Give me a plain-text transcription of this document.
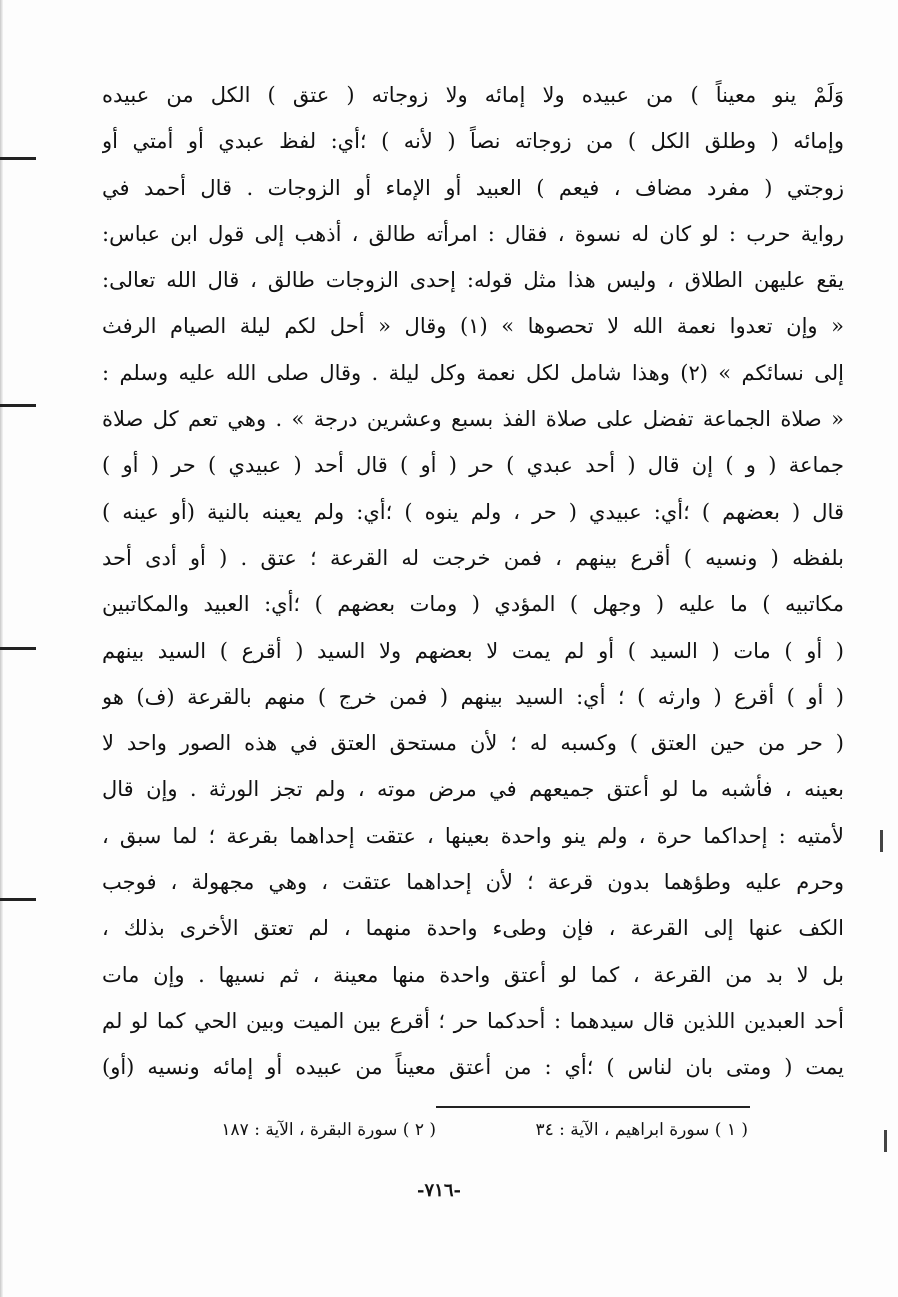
وَلَمْ ينو معيناً ) من عبيده ولا إمائه ولا زوجاته ( عتق ) الكل من عبيده
وإمائه ( وطلق الكل ) من زوجاته نصاً ( لأنه ) ؛أي: لفظ عبدي أو أمتي أو
زوجتي ( مفرد مضاف ، فيعم ) العبيد أو الإماء أو الزوجات . قال أحمد في
رواية حرب : لو كان له نسوة ، فقال : امرأته طالق ، أذهب إلى قول ابن عباس:
يقع عليهن الطلاق ، وليس هذا مثل قوله: إحدى الزوجات طالق ، قال الله تعالى:
« وإن تعدوا نعمة الله لا تحصوها » (١) وقال « أحل لكم ليلة الصيام الرفث
إلى نسائكم » (٢) وهذا شامل لكل نعمة وكل ليلة . وقال صلى الله عليه وسلم :
« صلاة الجماعة تفضل على صلاة الفذ بسبع وعشرين درجة » . وهي تعم كل صلاة
جماعة ( و ) إن قال ( أحد عبدي ) حر ( أو ) قال أحد ( عبيدي ) حر ( أو )
قال ( بعضهم ) ؛أي: عبيدي ( حر ، ولم ينوه ) ؛أي: ولم يعينه بالنية (أو عينه )
بلفظه ( ونسيه ) أقرع بينهم ، فمن خرجت له القرعة ؛ عتق . ( أو أدى أحد
مكاتبيه ) ما عليه ( وجهل ) المؤدي ( ومات بعضهم ) ؛أي: العبيد والمكاتبين
( أو ) مات ( السيد ) أو لم يمت لا بعضهم ولا السيد ( أقرع ) السيد بينهم
( أو ) أقرع ( وارثه ) ؛ أي: السيد بينهم ( فمن خرج ) منهم بالقرعة (ف) هو
( حر من حين العتق ) وكسبه له ؛ لأن مستحق العتق في هذه الصور واحد لا
بعينه ، فأشبه ما لو أعتق جميعهم في مرض موته ، ولم تجز الورثة . وإن قال
لأمتيه : إحداكما حرة ، ولم ينو واحدة بعينها ، عتقت إحداهما بقرعة ؛ لما سبق ،
وحرم عليه وطؤهما بدون قرعة ؛ لأن إحداهما عتقت ، وهي مجهولة ، فوجب
الكف عنها إلى القرعة ، فإن وطىء واحدة منهما ، لم تعتق الأخرى بذلك ،
بل لا بد من القرعة ، كما لو أعتق واحدة منها معينة ، ثم نسيها . وإن مات
أحد العبدين اللذين قال سيدهما : أحدكما حر ؛ أقرع بين الميت وبين الحي كما لو لم
يمت ( ومتى بان لناس ) ؛أي : من أعتق معيناً من عبيده أو إمائه ونسيه (أو)
( ١ ) سورة ابراهيم ، الآية : ٣٤
( ٢ ) سورة البقرة ، الآية : ١٨٧
-٧١٦-
